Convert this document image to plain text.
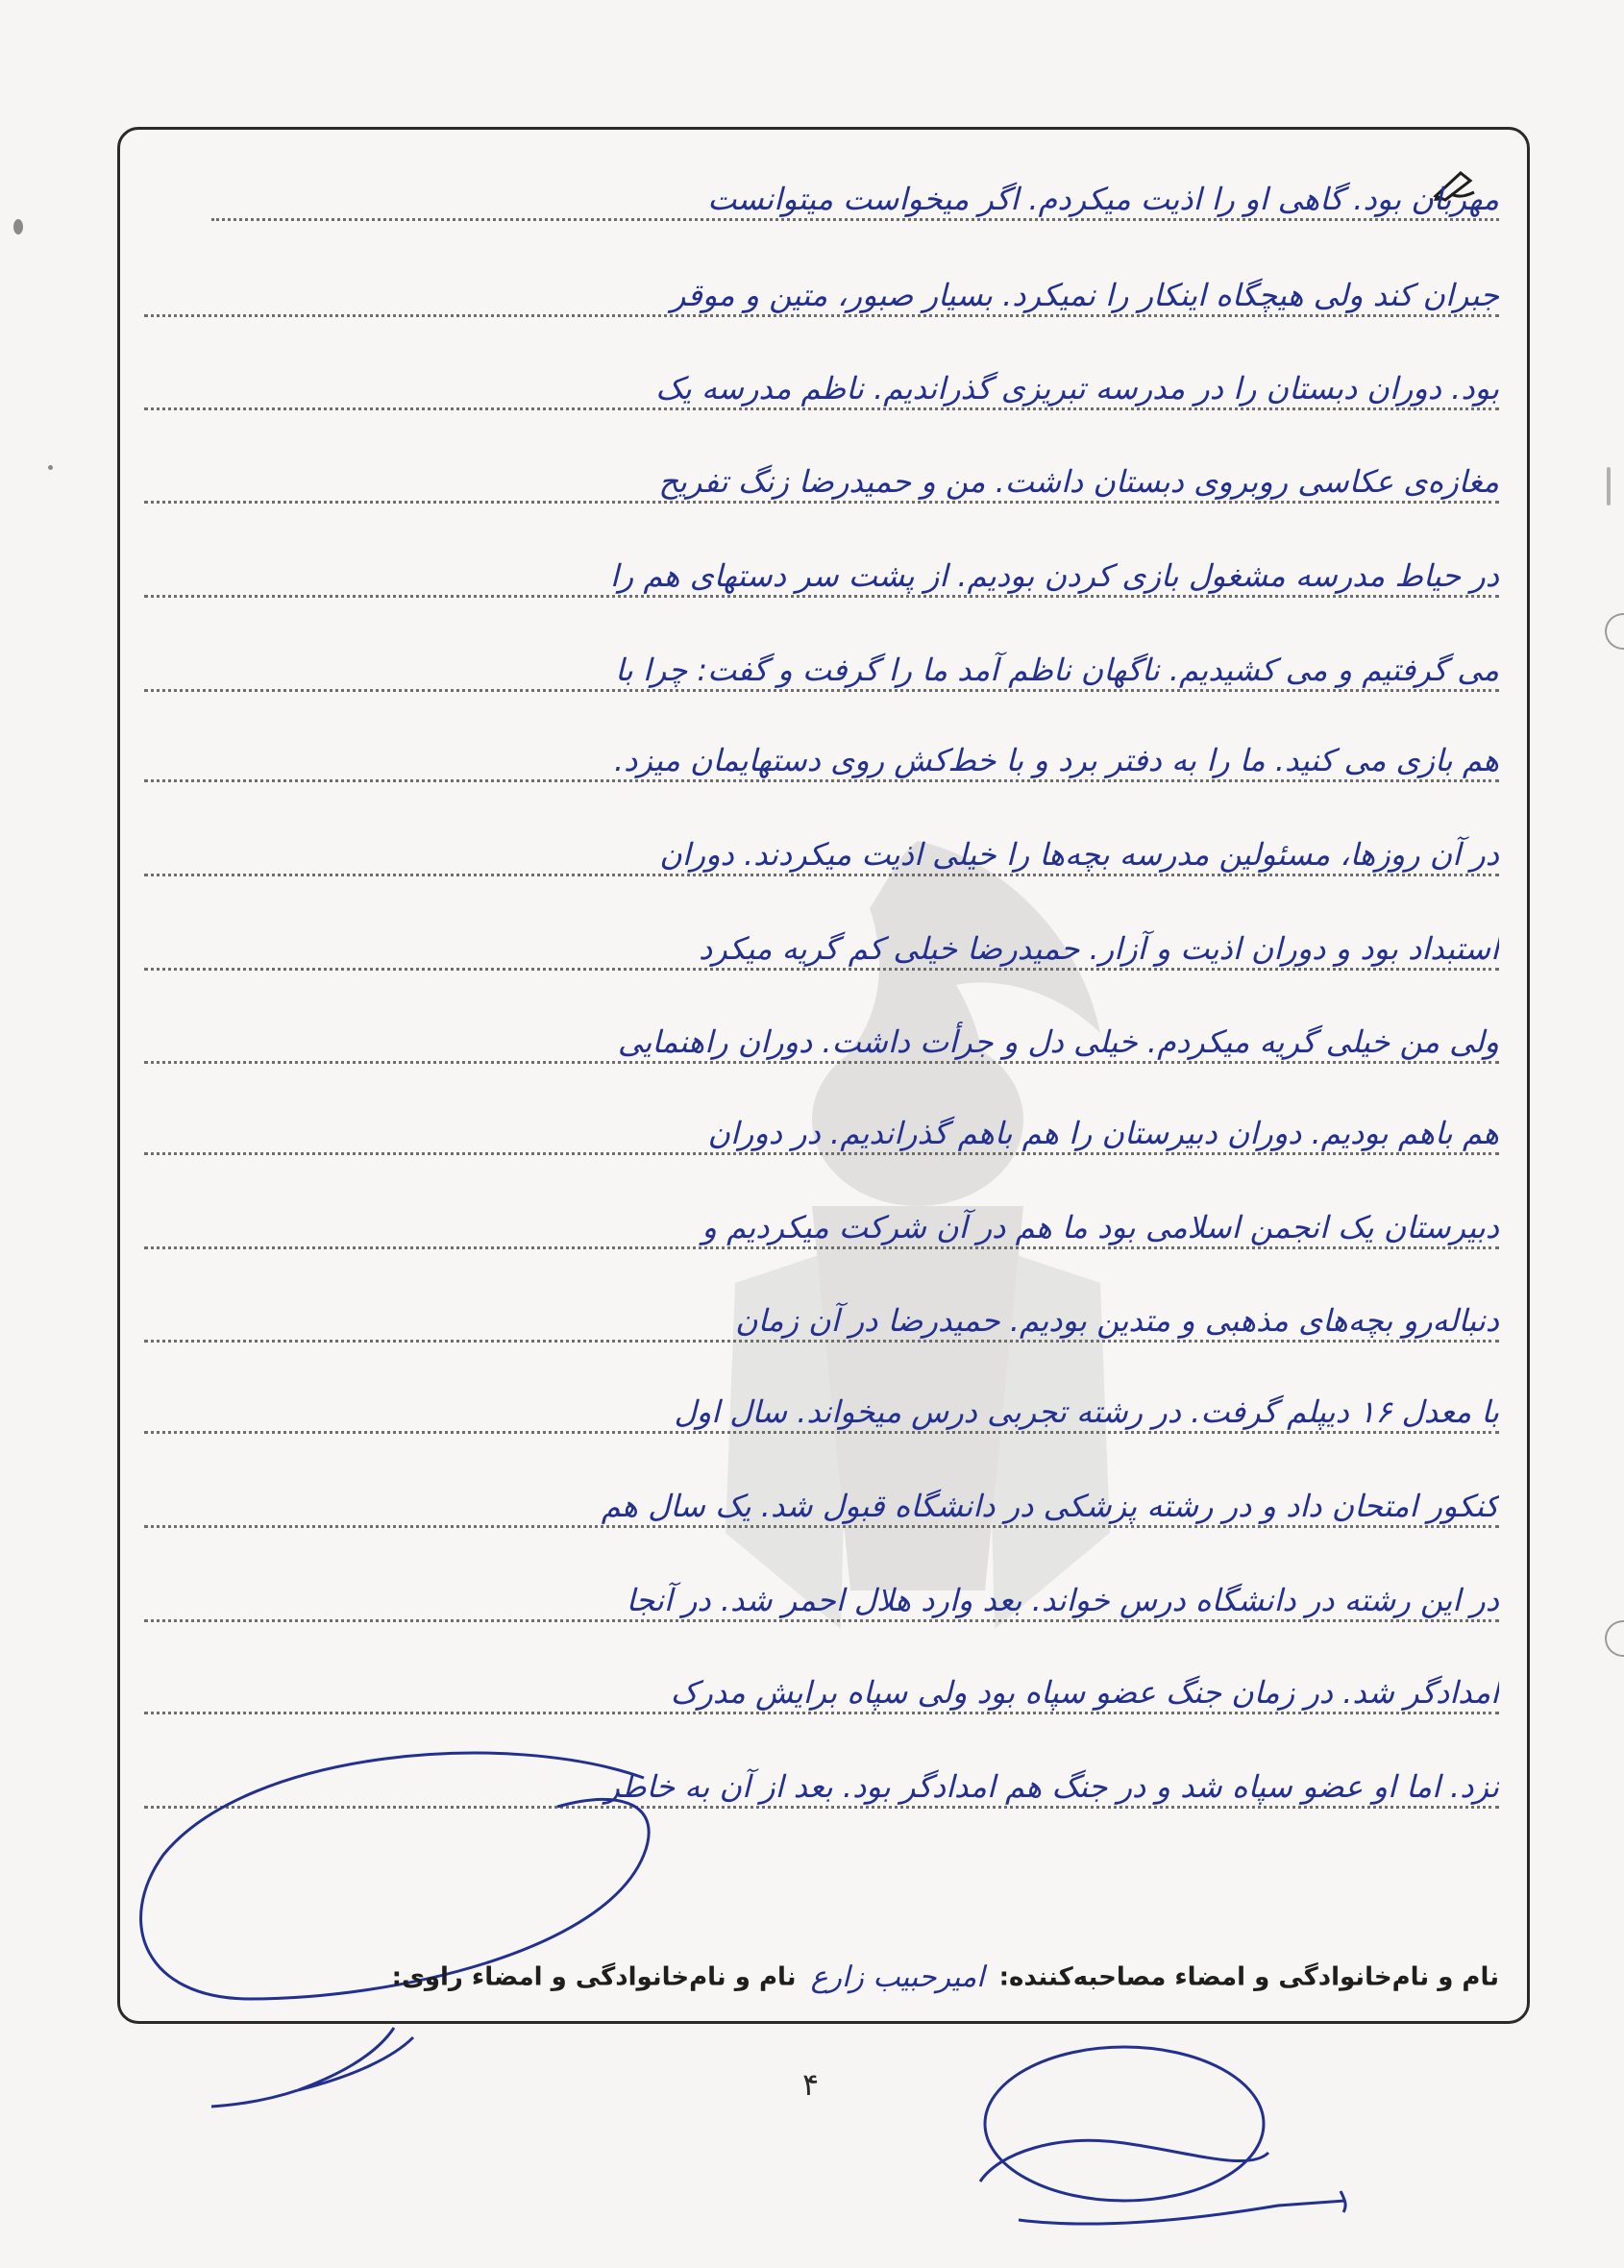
مهربان بود. گاهی او را اذیت میکردم. اگر میخواست میتوانست
جبران کند ولی هیچگاه اینکار را نمیکرد. بسیار صبور، متین و موقر
بود. دوران دبستان را در مدرسه تبریزی گذراندیم. ناظم مدرسه یک
مغازه‌ی عکاسی روبروی دبستان داشت. من و حمیدرضا زنگ تفریح
در حیاط مدرسه مشغول بازی کردن بودیم. از پشت سر دستهای هم را
می گرفتیم و می کشیدیم. ناگهان ناظم آمد ما را گرفت و گفت: چرا با
هم بازی می کنید. ما را به دفتر برد و با خط‌کش روی دستهایمان میزد.
در آن روزها، مسئولین مدرسه بچه‌ها را خیلی اذیت میکردند. دوران
استبداد بود و دوران اذیت و آزار. حمیدرضا خیلی کم گریه میکرد
ولی من خیلی گریه میکردم. خیلی دل و جرأت داشت. دوران راهنمایی
هم باهم بودیم. دوران دبیرستان را هم باهم گذراندیم. در دوران
دبیرستان یک انجمن اسلامی بود ما هم در آن شرکت میکردیم و
دنباله‌رو بچه‌های مذهبی و متدین بودیم. حمیدرضا در آن زمان
با معدل ۱۶ دیپلم گرفت. در رشته تجربی درس میخواند. سال اول
کنکور امتحان داد و در رشته پزشکی در دانشگاه قبول شد. یک سال هم
در این رشته در دانشگاه درس خواند. بعد وارد هلال احمر شد. در آنجا
امدادگر شد. در زمان جنگ عضو سپاه بود ولی سپاه برایش مدرک
نزد. اما او عضو سپاه شد و در جنگ هم امدادگر بود. بعد از آن به خاطر
نام و نام‌خانوادگی و امضاء مصاحبه‌کننده: امیرحبیب زارع نام و نام‌خانوادگی و امضاء راوی:
۴
